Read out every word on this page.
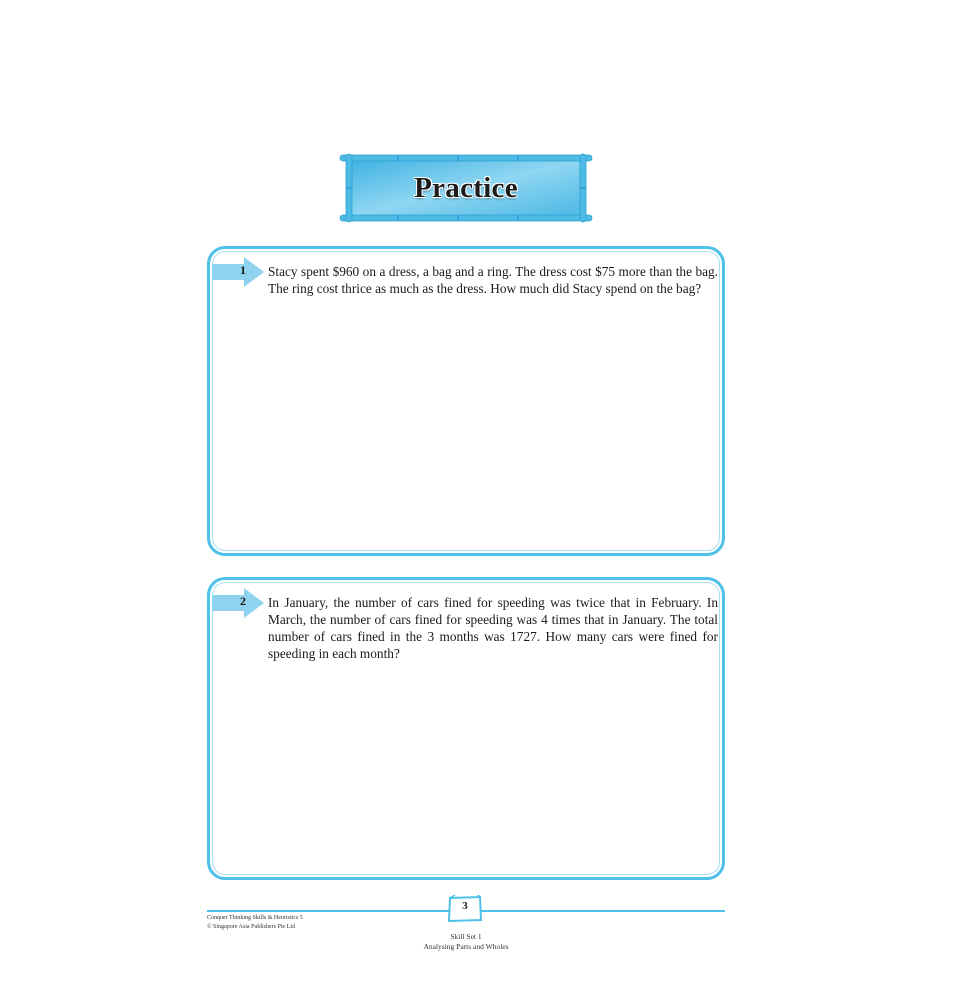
Practice
1 Stacy spent $960 on a dress, a bag and a ring. The dress cost $75 more than the bag. The ring cost thrice as much as the dress. How much did Stacy spend on the bag?
2 In January, the number of cars fined for speeding was twice that in February. In March, the number of cars fined for speeding was 4 times that in January. The total number of cars fined in the 3 months was 1727. How many cars were fined for speeding in each month?
Conquer Thinking Skills & Heuristics 5
© Singapore Asia Publishers Pte Ltd
3
Skill Set 1
Analysing Parts and Wholes
